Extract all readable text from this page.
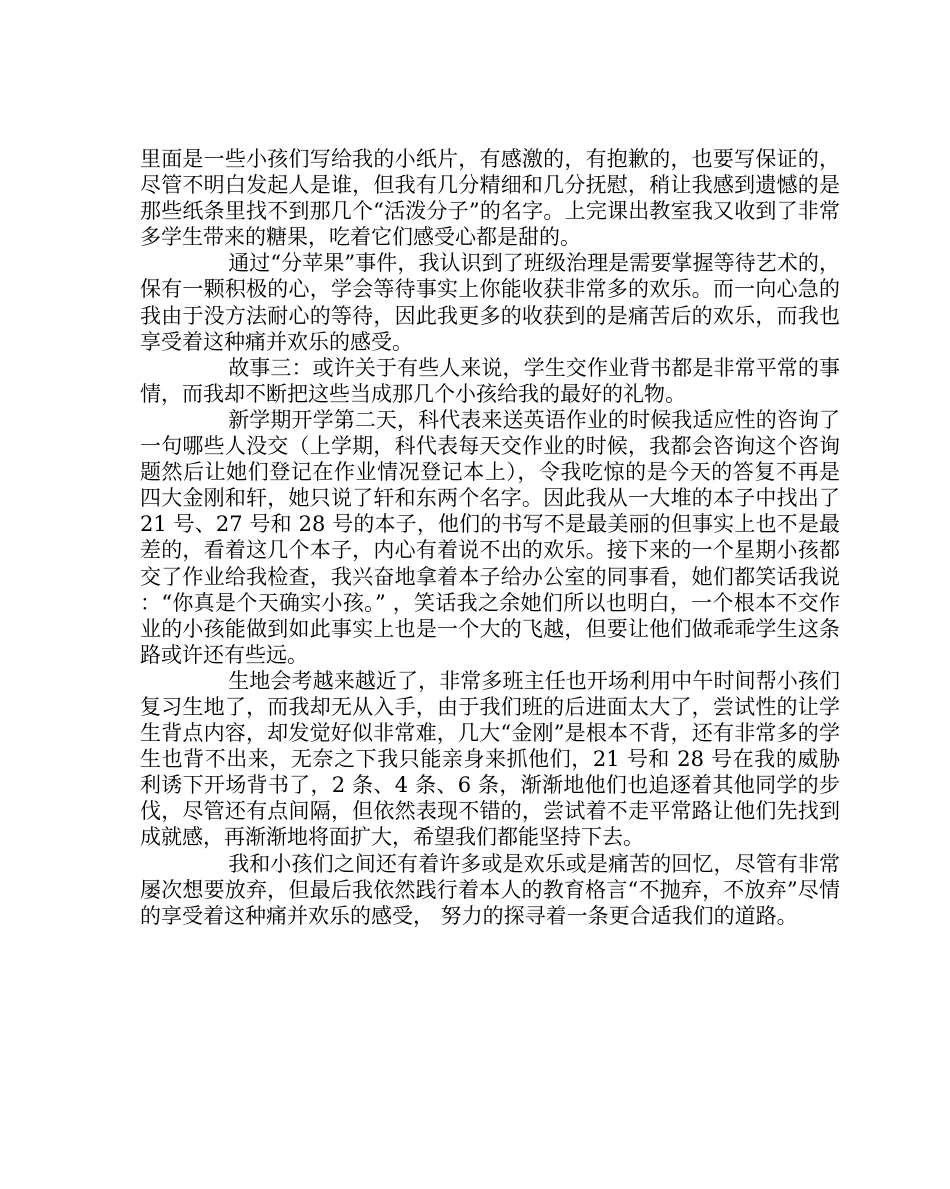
里面是一些小孩们写给我的小纸片，有感激的，有抱歉的，也要写保证的，尽管不明白发起人是谁，但我有几分精细和几分抚慰，稍让我感到遗憾的是那些纸条里找不到那几个“活泼分子”的名字。上完课出教室我又收到了非常多学生带来的糖果，吃着它们感受心都是甜的。

通过“分苹果”事件，我认识到了班级治理是需要掌握等待艺术的，保有一颗积极的心，学会等待事实上你能收获非常多的欢乐。而一向心急的我由于没方法耐心的等待，因此我更多的收获到的是痛苦后的欢乐，而我也享受着这种痛并欢乐的感受。

故事三：或许关于有些人来说，学生交作业背书都是非常平常的事情，而我却不断把这些当成那几个小孩给我的最好的礼物。

新学期开学第二天，科代表来送英语作业的时候我适应性的咨询了一句哪些人没交（上学期，科代表每天交作业的时候，我都会咨询这个咨询题然后让她们登记在作业情况登记本上），令我吃惊的是今天的答复不再是四大金刚和轩，她只说了轩和东两个名字。因此我从一大堆的本子中找出了 21 号、27 号和 28 号的本子，他们的书写不是最美丽的但事实上也不是最差的，看着这几个本子，内心有着说不出的欢乐。接下来的一个星期小孩都交了作业给我检查，我兴奋地拿着本子给办公室的同事看，她们都笑话我说：“你真是个天确实小孩。” ，笑话我之余她们所以也明白，一个根本不交作业的小孩能做到如此事实上也是一个大的飞越，但要让他们做乖乖学生这条路或许还有些远。

生地会考越来越近了，非常多班主任也开场利用中午时间帮小孩们复习生地了，而我却无从入手，由于我们班的后进面太大了，尝试性的让学生背点内容，却发觉好似非常难，几大“金刚”是根本不背，还有非常多的学生也背不出来，无奈之下我只能亲身来抓他们，21 号和 28 号在我的威胁利诱下开场背书了，2 条、4 条、6 条，渐渐地他们也追逐着其他同学的步伐，尽管还有点间隔，但依然表现不错的，尝试着不走平常路让他们先找到成就感，再渐渐地将面扩大，希望我们都能坚持下去。

我和小孩们之间还有着许多或是欢乐或是痛苦的回忆，尽管有非常屡次想要放弃，但最后我依然践行着本人的教育格言“不抛弃，不放弃”尽情的享受着这种痛并欢乐的感受， 努力的探寻着一条更合适我们的道路。
